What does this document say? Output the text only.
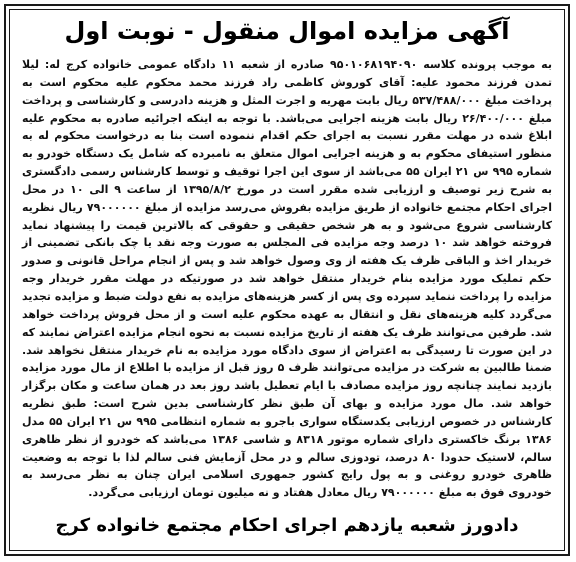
آگهی مزایده اموال منقول - نوبت اول
به موجب پرونده کلاسه ۹۵۰۱۰۶۸۱۹۴۰۹۰ صادره از شعبه ۱۱ دادگاه عمومی خانواده کرج له: لیلا تمدن فرزند محمود علیه: آقای کوروش کاظمی راد فرزند محمد محکوم علیه محکوم است به پرداخت مبلغ ۵۳۷/۴۸۸/۰۰۰ ریال بابت مهریه و اجرت المثل و هزینه دادرسی و کارشناسی و پرداخت مبلغ ۲۶/۴۰۰/۰۰۰ ریال بابت هزینه اجرایی می‌باشد. با توجه به اینکه اجرائیه صادره به محکوم علیه ابلاغ شده در مهلت مقرر نسبت به اجرای حکم اقدام ننموده است بنا به درخواست محکوم له به منظور استیفای محکوم به و هزینه اجرایی اموال متعلق به نامبرده که شامل یک دستگاه خودرو به شماره ۹۹۵ س ۲۱ ایران ۵۵ می‌باشد از سوی این اجرا توقیف و توسط کارشناس رسمی دادگستری به شرح زیر توصیف و ارزیابی شده مقرر است در مورخ ۱۳۹۵/۸/۲ از ساعت ۹ الی ۱۰ در محل اجرای احکام مجتمع خانواده از طریق مزایده بفروش می‌رسد مزایده از مبلغ ۷۹۰۰۰۰۰۰ ریال نظریه کارشناسی شروع می‌شود و به هر شخص حقیقی و حقوقی که بالاترین قیمت را پیشنهاد نماید فروخته خواهد شد ۱۰ درصد وجه مزایده فی المجلس به صورت وجه نقد یا چک بانکی تضمینی از خریدار اخذ و الباقی ظرف یک هفته از وی وصول خواهد شد و پس از انجام مراحل قانونی و صدور حکم تملیک مورد مزایده بنام خریدار منتقل خواهد شد در صورتیکه در مهلت مقرر خریدار وجه مزایده را پرداخت ننماید سپرده وی پس از کسر هزینه‌های مزایده به نفع دولت ضبط و مزایده تجدید می‌گردد کلیه هزینه‌های نقل و انتقال به عهده محکوم علیه است و از محل فروش پرداخت خواهد شد. طرفین می‌توانند ظرف یک هفته از تاریخ مزایده نسبت به نحوه انجام مزایده اعتراض نمایند که در این صورت تا رسیدگی به اعتراض از سوی دادگاه مورد مزایده به نام خریدار منتقل نخواهد شد. ضمنا طالبین به شرکت در مزایده می‌توانند ظرف ۵ روز قبل از مزایده با اطلاع از مال مورد مزایده بازدید نمایند چنانچه روز مزایده مصادف با ایام تعطیل باشد روز بعد در همان ساعت و مکان برگزار خواهد شد. مال مورد مزایده و بهای آن طبق نظر کارشناسی بدین شرح است: طبق نظریه کارشناس در خصوص ارزیابی یکدستگاه سواری باجرو به شماره انتظامی ۹۹۵ س ۲۱ ایران ۵۵ مدل ۱۳۸۶ برنگ خاکستری دارای شماره موتور ۸۳۱۸ و شاسی ۱۳۸۶ می‌باشد که خودرو از نظر ظاهری سالم، لاستیک حدودا ۸۰ درصد، تودوزی سالم و در محل آزمایش فنی سالم لذا با توجه به وضعیت ظاهری خودرو روغنی و به پول رایج کشور جمهوری اسلامی ایران چنان به نظر می‌رسد به خودروی فوق به مبلغ ۷۹۰۰۰۰۰۰ ریال معادل هفتاد و نه میلیون تومان ارزیابی می‌گردد.
دادورز شعبه یازدهم اجرای احکام مجتمع خانواده کرج
